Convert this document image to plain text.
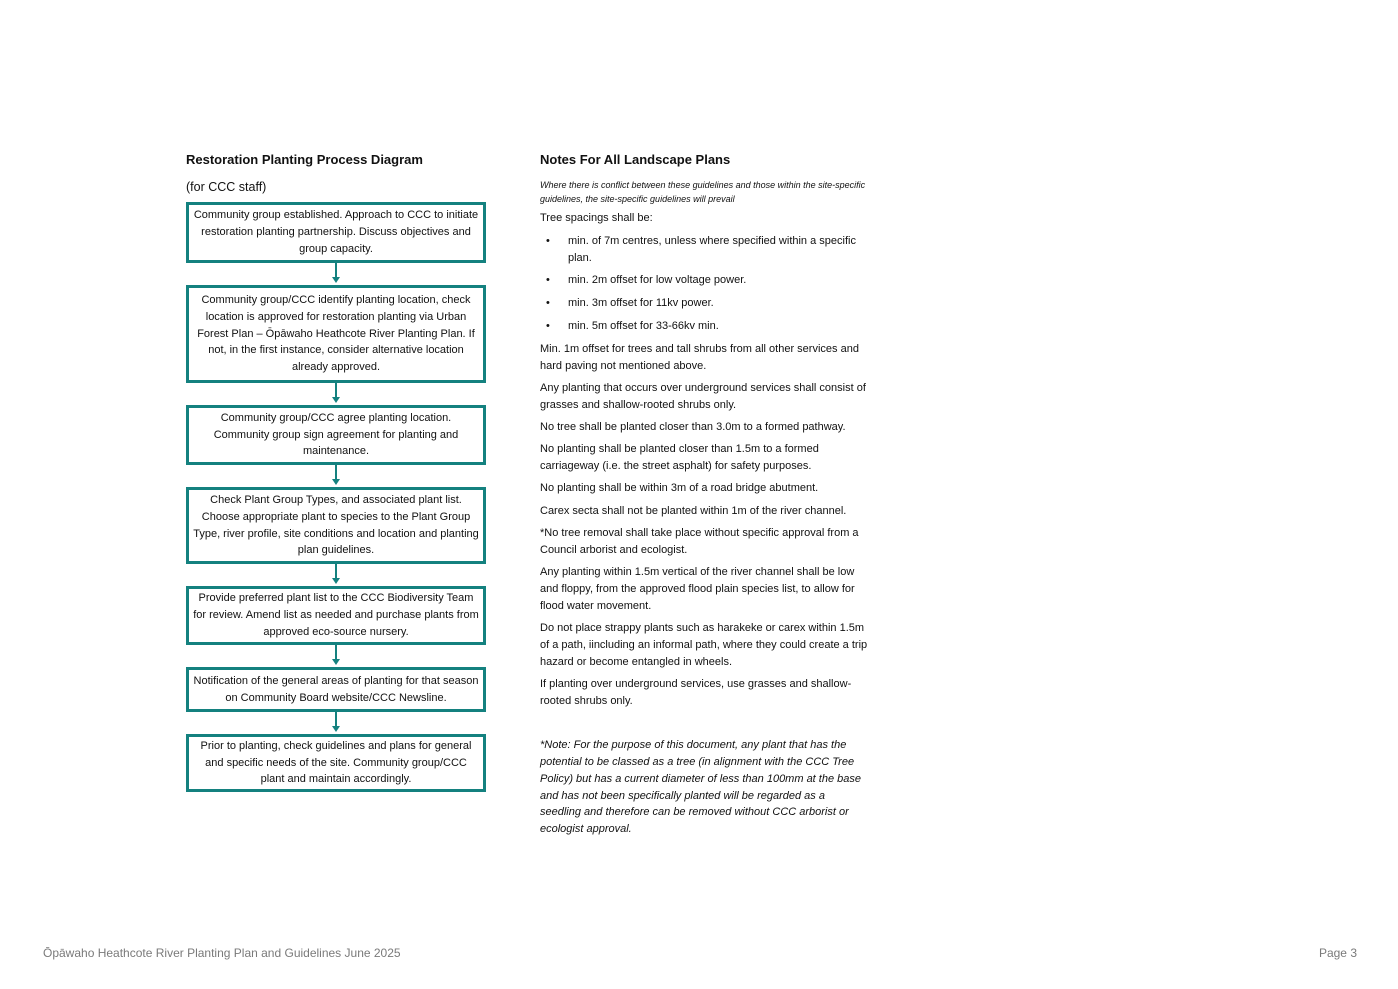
Restoration Planting Process Diagram
(for CCC staff)
Community group established. Approach to CCC to initiate restoration planting partnership. Discuss objectives and group capacity.
Community group/CCC identify planting location, check location is approved for restoration planting via Urban Forest Plan – Ōpāwaho Heathcote River Planting Plan. If not, in the first instance, consider alternative location already approved.
Community group/CCC agree planting location. Community group sign agreement for planting and maintenance.
Check Plant Group Types, and associated plant list. Choose appropriate plant to species to the Plant Group Type, river profile, site conditions and location and planting plan guidelines.
Provide preferred plant list to the CCC Biodiversity Team for review. Amend list as needed and purchase plants from approved eco-source nursery.
Notification of the general areas of planting for that season on Community Board website/CCC Newsline.
Prior to planting, check guidelines and plans for general and specific needs of the site. Community group/CCC plant and maintain accordingly.
Notes For All Landscape Plans
Where there is conflict between these guidelines and those within the site-specific guidelines, the site-specific guidelines will prevail
Tree spacings shall be:
• min. of 7m centres, unless where specified within a specific plan.
• min. 2m offset for low voltage power.
• min. 3m offset for 11kv power.
• min. 5m offset for 33-66kv min.

Min. 1m offset for trees and tall shrubs from all other services and hard paving not mentioned above.

Any planting that occurs over underground services shall consist of grasses and shallow-rooted shrubs only.

No tree shall be planted closer than 3.0m to a formed pathway.

No planting shall be planted closer than 1.5m to a formed carriageway (i.e. the street asphalt) for safety purposes.

No planting shall be within 3m of a road bridge abutment.

Carex secta shall not be planted within 1m of the river channel.

*No tree removal shall take place without specific approval from a Council arborist and ecologist.

Any planting within 1.5m vertical of the river channel shall be low and floppy, from the approved flood plain species list, to allow for flood water movement.

Do not place strappy plants such as harakeke or carex within 1.5m of a path, iincluding an informal path, where they could create a trip hazard or become entangled in wheels.

If planting over underground services, use grasses and shallow-rooted shrubs only.

*Note: For the purpose of this document, any plant that has the potential to be classed as a tree (in alignment with the CCC Tree Policy) but has a current diameter of less than 100mm at the base and has not been specifically planted will be regarded as a seedling and therefore can be removed without CCC arborist or ecologist approval.
Ōpāwaho Heathcote River Planting Plan and Guidelines June 2025	Page 3
